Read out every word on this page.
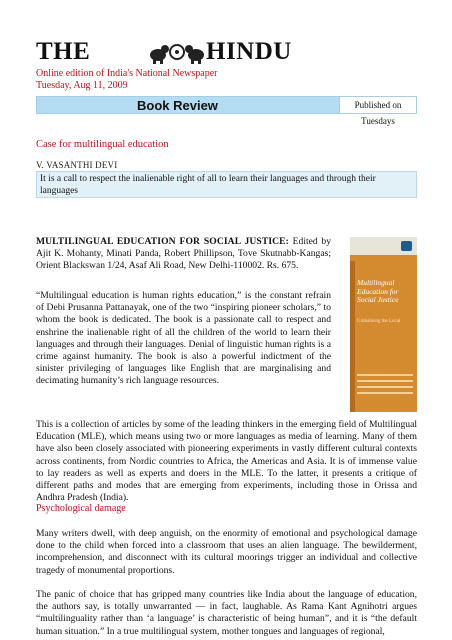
THE	HINDU
Online edition of India's National Newspaper
Tuesday, Aug 11, 2009
Book Review	Published on Tuesdays
Case for multilingual education
V. VASANTHI DEVI
It is a call to respect the inalienable right of all to learn their languages and through their languages
MULTILINGUAL EDUCATION FOR SOCIAL JUSTICE: Edited by Ajit K. Mohanty, Minati Panda, Robert Phillipson, Tove Skutnabb-Kangas; Orient Blackswan 1/24, Asaf Ali Road, New Delhi-110002. Rs. 675.
“Multilingual education is human rights education,” is the constant refrain of Debi Prusanna Pattanayak, one of the two “inspiring pioneer scholars,” to whom the book is dedicated. The book is a passionate call to respect and enshrine the inalienable right of all the children of the world to learn their languages and through their languages. Denial of linguistic human rights is a crime against humanity. The book is also a powerful indictment of the sinister privileging of languages like English that are marginalising and decimating humanity’s rich language resources.
Multilingual Education for Social Justice
Globalising the Local
This is a collection of articles by some of the leading thinkers in the emerging field of Multilingual Education (MLE), which means using two or more languages as media of learning. Many of them have also been closely associated with pioneering experiments in vastly different cultural contexts across continents, from Nordic countries to Africa, the Americas and Asia. It is of immense value to lay readers as well as experts and doers in the MLE. To the latter, it presents a critique of different paths and modes that are emerging from experiments, including those in Orissa and Andhra Pradesh (India).
Psychological damage
Many writers dwell, with deep anguish, on the enormity of emotional and psychological damage done to the child when forced into a classroom that uses an alien language. The bewilderment, incomprehension, and disconnect with its cultural moorings trigger an individual and collective tragedy of monumental proportions.
The panic of choice that has gripped many countries like India about the language of education, the authors say, is totally unwarranted — in fact, laughable. As Rama Kant Agnihotri argues “multilinguality rather than ‘a language’ is characteristic of being human”, and it is “the default human situation.” In a true multilingual system, mother tongues and languages of regional,
